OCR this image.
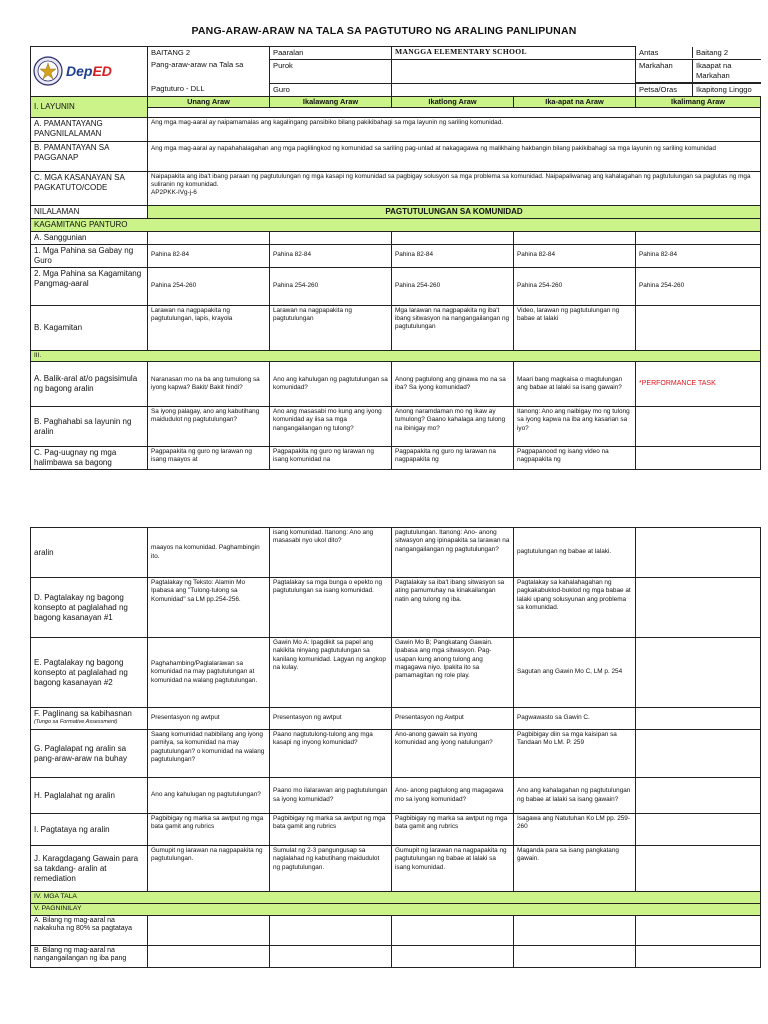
PANG-ARAW-ARAW NA TALA SA PAGTUTURO NG ARALING PANLIPUNAN
DepED
	BAITANG 2	Paaralan	MANGGA ELEMENTARY SCHOOL		Antas	Baitang 2

Pang-araw-araw na Tala sa	Purok			Markahan	Ikaapat na Markahan

Pagtuturo - DLL	Guro			Petsa/Oras	Ikapitong Linggo

I. LAYUNIN	Unang Araw	Ikalawang Araw	Ikatlong Araw	Ika-apat na Araw	Ikalimang Araw

A. PAMANTAYANG PANGNILALAMAN	Ang mga mag-aaral ay naipamamalas ang kagalingang pansibiko bilang pakikibahagi sa mga layunin ng sariling komunidad.
B. PAMANTAYAN SA PAGGANAP	Ang mga mag-aaral ay napahahalagahan ang mga paglilingkod ng komunidad sa sariling pag-unlad at nakagagawa ng malikhaing hakbangin bilang pakikibahagi sa mga layunin ng sariling komunidad
C. MGA KASANAYAN SA PAGKATUTO/CODE	Naipapakita ang iba't ibang paraan ng pagtutulungan ng mga kasapi ng komunidad sa pagbigay solusyon sa mga problema sa komunidad. Naipapaliwanag ang kahalagahan ng pagtutulungan sa paglutas ng mga suliranin ng komunidad.
AP2PKK-IVg-j-6
NILALAMAN	PAGTUTULUNGAN SA KOMUNIDAD
KAGAMITANG PANTURO
A. Sanggunian					
1. Mga Pahina sa Gabay ng Guro	Pahina 82-84	Pahina 82-84	Pahina 82-84	Pahina 82-84	Pahina 82-84
2. Mga Pahina sa Kagamitang Pangmag-aaral	Pahina 254-260	Pahina 254-260	Pahina 254-260	Pahina 254-260	Pahina 254-260
B. Kagamitan	Larawan na nagpapakita ng pagtutulungan, lapis, krayola	Larawan na nagpapakita ng pagtutulungan	Mga larawan na nagpapakita ng iba't ibang sitwasyon na nangangailangan ng pagtutulungan	Video, larawan ng pagtutulungan ng babae at lalaki	
III.
A. Balik-aral at/o pagsisimula ng bagong aralin	Naranasan mo na ba ang tumulong sa iyong kapwa? Bakit/ Bakit hindi?	Ano ang kahulugan ng pagtutulungan sa komunidad?	Anong pagtulong ang ginawa mo na sa iba? Sa iyong komunidad?	Maari bang magkaisa o magtulungan ang babae at lalaki sa isang gawain?	*PERFORMANCE TASK
B. Paghahabi sa layunin ng aralin	Sa iyong palagay, ano ang kabutihang maidudulot ng pagtutulungan?	Ano ang masasabi mo kung ang iyong komunidad ay iisa sa mga nangangailangan ng tulong?	Anong naramdaman mo ng ikaw ay tumulong? Gaano kahalaga ang tulong na ibinigay mo?	Itanong: Ano ang naibigay mo ng tulong sa iyong kapwa na iba ang kasarian sa iyo?	
C. Pag-uugnay ng mga halimbawa sa bagong	Pagpapakita ng guro ng larawan ng isang maayos at	Pagpapakita ng guro ng larawan ng isang komunidad na	Pagpapakita ng guro ng larawan na nagpapakita ng	Pagpapanood ng isang video na nagpapakita ng	
aralin	maayos na komunidad. Paghambingin ito.	isang komunidad. Itanong: Ano ang masasabi nyo ukol dito?	pagtutulungan. Itanong: Ano- anong sitwasyon ang ipinapakita sa larawan na nangangailangan ng pagtutulungan?	pagtutulungan ng babae at lalaki.	
D. Pagtalakay ng bagong konsepto at paglalahad ng bagong kasanayan #1	Pagtalakay ng Teksto: Alamin Mo Ipabasa ang "Tulong-tulong sa Komunidad" sa LM pp.254-256.	Pagtalakay sa mga bunga o epekto ng pagtutulungan sa isang komunidad.	Pagtalakay sa iba't ibang sitwasyon sa ating pamumuhay na kinakailangan natin ang tulong ng iba.	Pagtalakay sa kahalahagahan ng pagkakabuklod-buklod ng mga babae at lalaki upang solusyunan ang problema sa komunidad.	
E. Pagtalakay ng bagong konsepto at paglalahad ng bagong kasanayan #2	Paghahambing/Paglalarawan sa komunidad na may pagtutulungan at komunidad na walang pagtutulungan.	Gawin Mo A: Ipagdikit sa papel ang nakikita ninyang pagtutulungan sa kanilang komunidad. Lagyan ng angkop na kulay.	Gawin Mo B; Pangkatang Gawain. Ipabasa ang mga sitwasyon. Pag-usapan kung anong tulong ang magagawa niyo. Ipakita ito sa pamamagitan ng role play.	Sagutan ang Gawin Mo C, LM p. 254	
F. Paglinang sa kabihasnan
(Tungo sa Formative Assessment)	Presentasyon ng awtput	Presentasyon ng awtput	Presentasyon ng Awtput	Pagwawasto sa Gawin C.	
G. Paglalapat ng aralin sa pang-araw-araw na buhay	Saang komunidad nabibilang ang iyong pamilya, sa komunidad na may pagtutulungan? o komunidad na walang pagtutulungan?	Paano nagtutulong-tulong ang mga kasapi ng inyong komunidad?	Ano-anong gawain sa inyong komunidad ang iyong natulungan?	Pagbibigay diin sa mga kaisipan sa Tandaan Mo LM. P. 259	
H. Paglalahat ng aralin	Ano ang kahulugan ng pagtutulungan?	Paano mo ilalarawan ang pagtutulungan sa iyong komunidad?	Ano- anong pagtulong ang magagawa mo sa iyong komunidad?	Ano ang kahalagahan ng pagtutulungan ng babae at lalaki sa isang gawain?	
I. Pagtataya ng aralin	Pagbibigay ng marka sa awtput ng mga bata gamit ang rubrics	Pagbibigay ng marka sa awtput ng mga bata gamit ang rubrics	Pagbibigay ng marka sa awtput ng mga bata gamit ang rubrics	Isagawa ang Natutuhan Ko LM pp. 259-260	
J. Karagdagang Gawain para sa takdang- aralin at remediation	Gumupit ng larawan na nagpapakita ng pagtutulungan.	Sumulat ng 2-3 pangungusap sa naglalahad ng kabutihang maidudulot ng pagtutulungan.	Gumupit ng larawan na nagpapakita ng pagtutulungan ng babae at lalaki sa isang komunidad.	Maganda para sa isang pangkatang gawain.	
IV. MGA TALA					
V. PAGNINILAY					
A. Bilang ng mag-aaral na nakakuha ng 80% sa pagtataya					
B. Bilang ng mag-aaral na nangangailangan ng iba pang					
